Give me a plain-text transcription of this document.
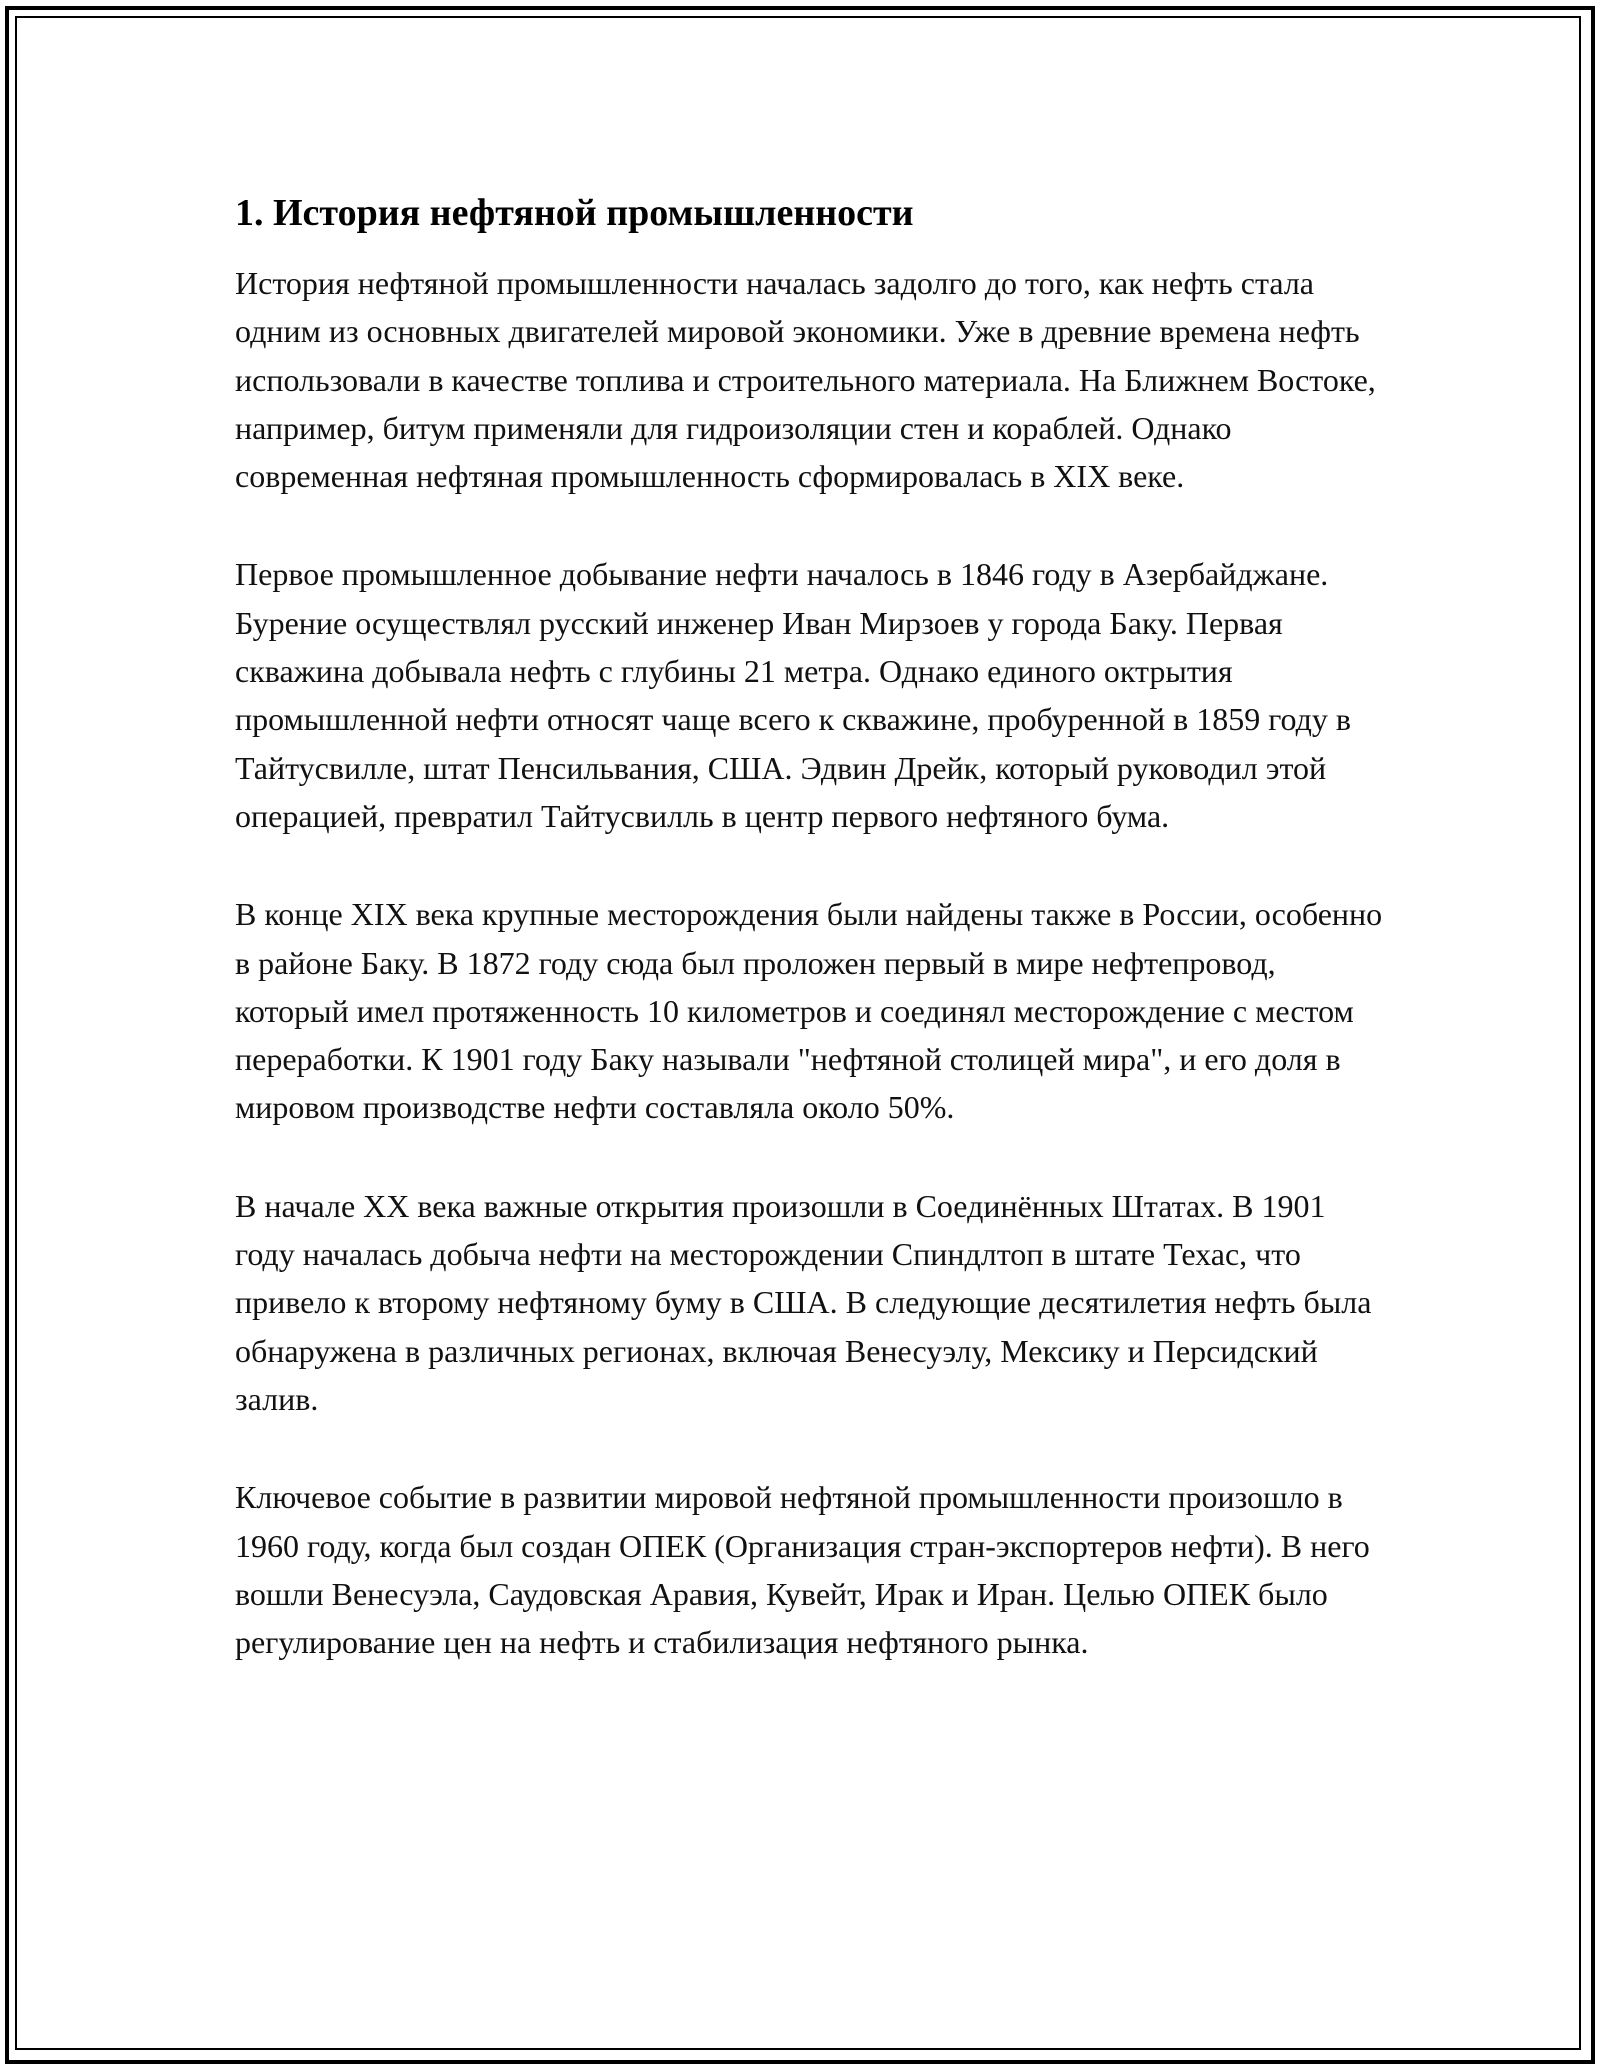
1. История нефтяной промышленности

История нефтяной промышленности началась задолго до того, как нефть стала одним из основных двигателей мировой экономики. Уже в древние времена нефть использовали в качестве топлива и строительного материала. На Ближнем Востоке, например, битум применяли для гидроизоляции стен и кораблей. Однако современная нефтяная промышленность сформировалась в XIX веке.

Первое промышленное добывание нефти началось в 1846 году в Азербайджане. Бурение осуществлял русский инженер Иван Мирзоев у города Баку. Первая скважина добывала нефть с глубины 21 метра. Однако единого октрытия промышленной нефти относят чаще всего к скважине, пробуренной в 1859 году в Тайтусвилле, штат Пенсильвания, США. Эдвин Дрейк, который руководил этой операцией, превратил Тайтусвилль в центр первого нефтяного бума.

В конце XIX века крупные месторождения были найдены также в России, особенно в районе Баку. В 1872 году сюда был проложен первый в мире нефтепровод, который имел протяженность 10 километров и соединял месторождение с местом переработки. К 1901 году Баку называли "нефтяной столицей мира", и его доля в мировом производстве нефти составляла около 50%.

В начале XX века важные открытия произошли в Соединённых Штатах. В 1901 году началась добыча нефти на месторождении Спиндлтоп в штате Техас, что привело к второму нефтяному буму в США. В следующие десятилетия нефть была обнаружена в различных регионах, включая Венесуэлу, Мексику и Персидский залив.

Ключевое событие в развитии мировой нефтяной промышленности произошло в 1960 году, когда был создан ОПЕК (Организация стран-экспортеров нефти). В него вошли Венесуэла, Саудовская Аравия, Кувейт, Ирак и Иран. Целью ОПЕК было регулирование цен на нефть и стабилизация нефтяного рынка.
